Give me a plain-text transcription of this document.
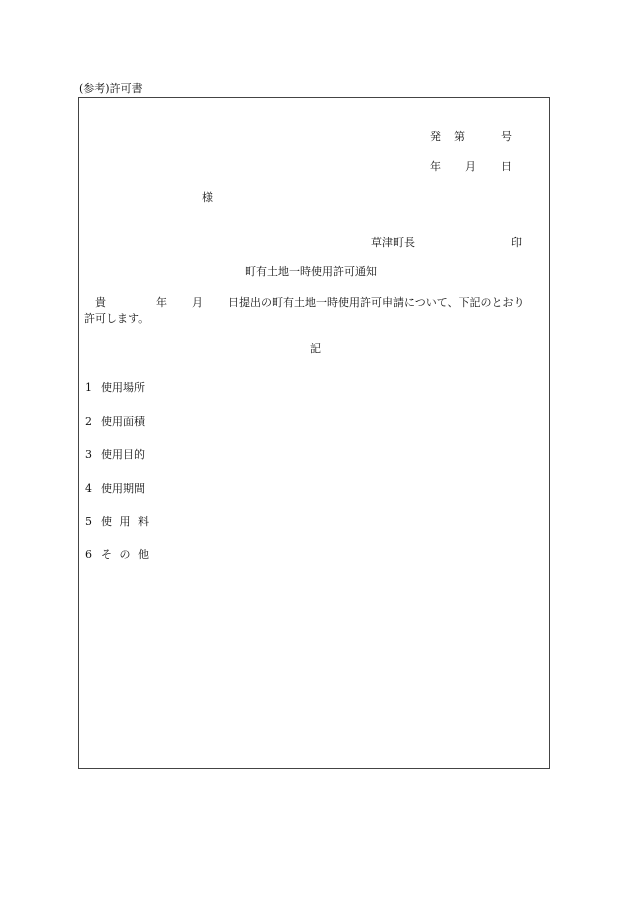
(参考)許可書
発 第	号
年 月 日
様
草津町長	印
町有土地一時使用許可通知
貴	年 月 日提出の町有土地一時使用許可申請について、下記のとおり
許可します。
記
1 使用場所
2 使用面積
3 使用目的
4 使用期間
5 使 用 料
6 そ の 他
